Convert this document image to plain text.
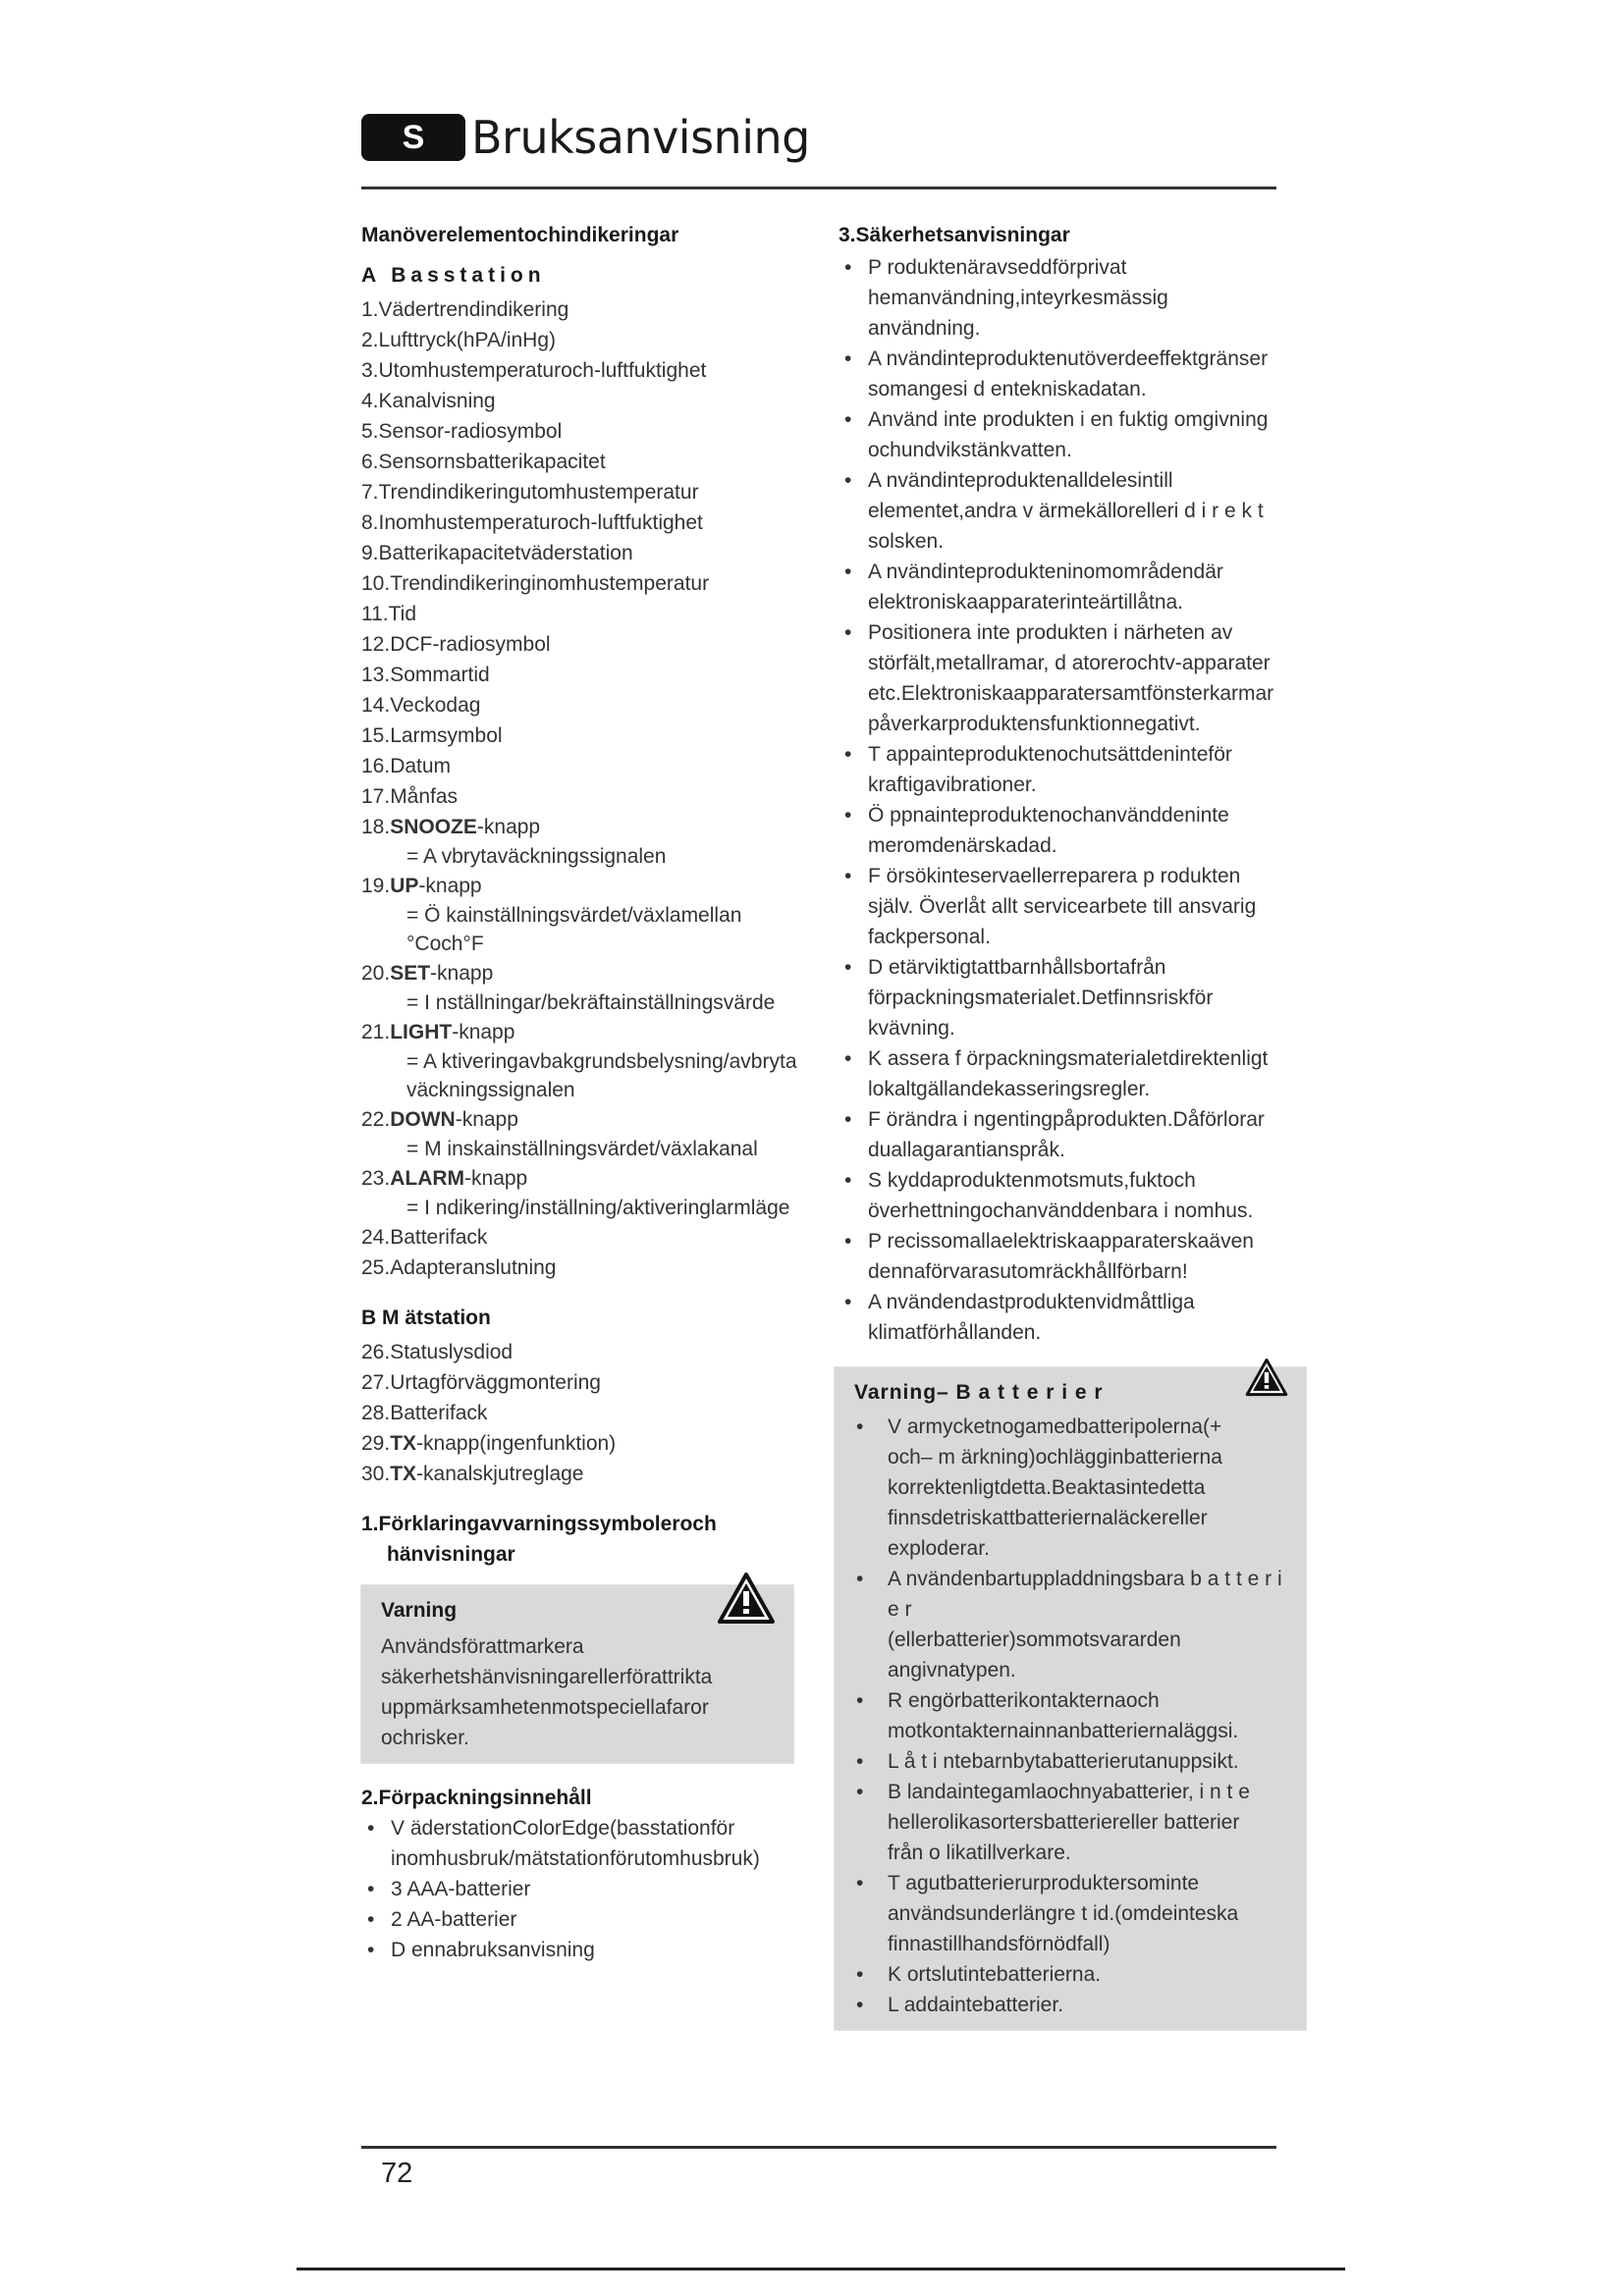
S	Bruksanvisning
Manöverelementochindikeringar
A Basstation
1.Vädertrendindikering
2.Lufttryck(hPA/inHg)
3.Utomhustemperaturoch-luftfuktighet
4.Kanalvisning
5.Sensor-radiosymbol
6.Sensornsbatterikapacitet
7.Trendindikeringutomhustemperatur
8.Inomhustemperaturoch-luftfuktighet
9.Batterikapacitetväderstation
10.Trendindikeringinomhustemperatur
11.Tid
12.DCF-radiosymbol
13.Sommartid
14.Veckodag
15.Larmsymbol
16.Datum
17.Månfas
18.SNOOZE-knapp
= A vbrytaväckningssignalen
19.UP-knapp
= Ö kainställningsvärdet/växlamellan
°Coch°F
20.SET-knapp
= I nställningar/bekräftainställningsvärde
21.LIGHT-knapp
= A ktiveringavbakgrundsbelysning/avbryta
väckningssignalen
22.DOWN-knapp
= M inskainställningsvärdet/växlakanal
23.ALARM-knapp
= I ndikering/inställning/aktiveringlarmläge
24.Batterifack
25.Adapteranslutning
B M ätstation
26.Statuslysdiod
27.Urtagförväggmontering
28.Batterifack
29.TX-knapp(ingenfunktion)
30.TX-kanalskjutreglage
1.Förklaringavvarningssymboleroch
hänvisningar
Varning
Användsförattmarkera
säkerhetshänvisningarellerförattrikta
uppmärksamhetenmotspeciellafaror
ochrisker.
2.Förpackningsinnehåll
• V äderstationColorEdge(basstationför
inomhusbruk/mätstationförutomhusbruk)
• 3 AAA-batterier
• 2 AA-batterier
• D ennabruksanvisning
3.Säkerhetsanvisningar
• P roduktenäravseddförprivat
hemanvändning,inteyrkesmässig
användning.
• A nvändinteproduktenutöverdeeffektgränser
somangesi d entekniskadatan.
• Använd inte produkten i en fuktig omgivning
ochundvikstänkvatten.
• A nvändinteproduktenalldelesintill
elementet,andra v ärmekällorelleri d i r e k t
solsken.
• A nvändinteprodukteninomområdendär
elektroniskaapparaterinteärtillåtna.
• Positionera inte produkten i närheten av
störfält,metallramar, d atorerochtv-apparater
etc.Elektroniskaapparatersamtfönsterkarmar
påverkarproduktensfunktionnegativt.
• T appainteproduktenochutsättdeninteför
kraftigavibrationer.
• Ö ppnainteproduktenochanvänddeninte
meromdenärskadad.
• F örsökinteservaellerreparera p rodukten
själv. Överlåt allt servicearbete till ansvarig
fackpersonal.
• D etärviktigtattbarnhållsbortafrån
förpackningsmaterialet.Detfinnsriskför
kvävning.
• K assera f örpackningsmaterialetdirektenligt
lokaltgällandekasseringsregler.
• F örändra i ngentingpåprodukten.Dåförlorar
duallagarantianspråk.
• S kyddaproduktenmotsmuts,fuktoch
överhettningochanvänddenbara i nomhus.
• P recissomallaelektriskaapparaterskaäven
dennaförvarasutomräckhållförbarn!
• A nvändendastproduktenvidmåttliga
klimatförhållanden.
Varning– B a t t e r i e r
• V armycketnogamedbatteripolerna(+
och– m ärkning)ochlägginbatterierna
korrektenligtdetta.Beaktasintedetta
finnsdetriskattbatteriernaläckereller
exploderar.
• A nvändenbartuppladdningsbara b a t t e r i e r
(ellerbatterier)sommotsvararden
angivnatypen.
• R engörbatterikontakternaoch
motkontakternainnanbatteriernaläggsi.
• L å t i ntebarnbytabatterierutanuppsikt.
• B landaintegamlaochnyabatterier, i n t e
hellerolikasortersbatteriereller batterier
från o likatillverkare.
• T agutbatterierurproduktersominte
användsunderlängre t id.(omdeinteska
finnastillhandsförnödfall)
• K ortslutintebatterierna.
• L addaintebatterier.
72
